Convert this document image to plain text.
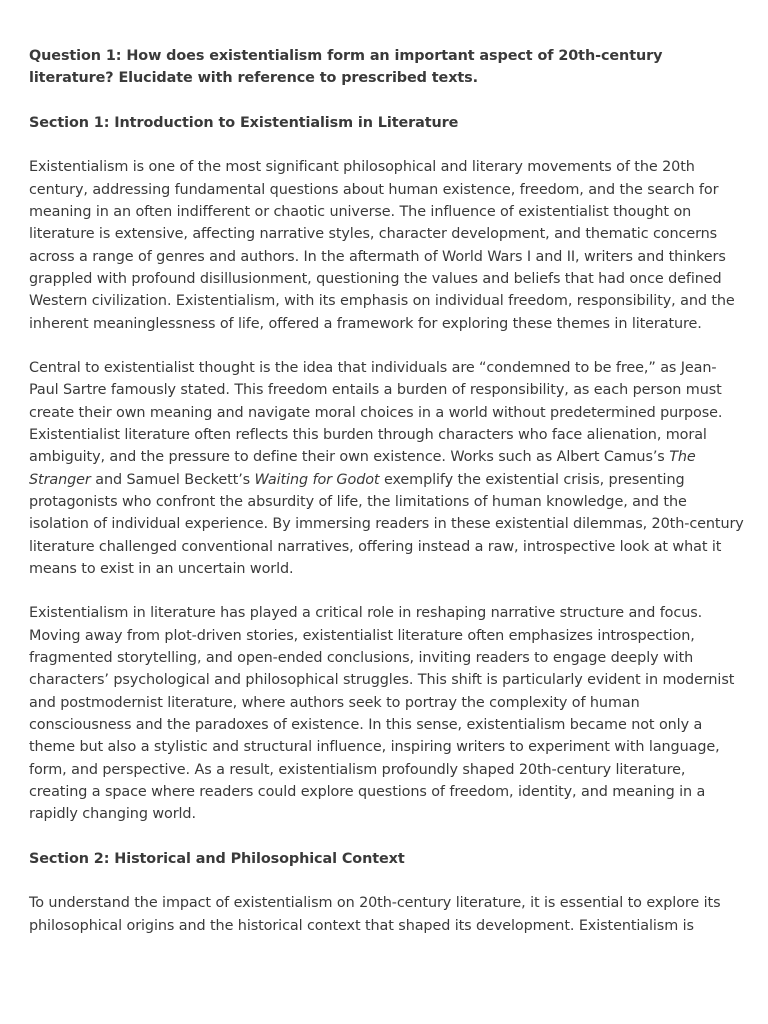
Question 1: How does existentialism form an important aspect of 20th-century literature? Elucidate with reference to prescribed texts.

Section 1: Introduction to Existentialism in Literature

Existentialism is one of the most significant philosophical and literary movements of the 20th century, addressing fundamental questions about human existence, freedom, and the search for meaning in an often indifferent or chaotic universe. The influence of existentialist thought on literature is extensive, affecting narrative styles, character development, and thematic concerns across a range of genres and authors. In the aftermath of World Wars I and II, writers and thinkers grappled with profound disillusionment, questioning the values and beliefs that had once defined Western civilization. Existentialism, with its emphasis on individual freedom, responsibility, and the inherent meaninglessness of life, offered a framework for exploring these themes in literature.

Central to existentialist thought is the idea that individuals are “condemned to be free,” as Jean-Paul Sartre famously stated. This freedom entails a burden of responsibility, as each person must create their own meaning and navigate moral choices in a world without predetermined purpose. Existentialist literature often reflects this burden through characters who face alienation, moral ambiguity, and the pressure to define their own existence. Works such as Albert Camus’s The Stranger and Samuel Beckett’s Waiting for Godot exemplify the existential crisis, presenting protagonists who confront the absurdity of life, the limitations of human knowledge, and the isolation of individual experience. By immersing readers in these existential dilemmas, 20th-century literature challenged conventional narratives, offering instead a raw, introspective look at what it means to exist in an uncertain world.

Existentialism in literature has played a critical role in reshaping narrative structure and focus. Moving away from plot-driven stories, existentialist literature often emphasizes introspection, fragmented storytelling, and open-ended conclusions, inviting readers to engage deeply with characters’ psychological and philosophical struggles. This shift is particularly evident in modernist and postmodernist literature, where authors seek to portray the complexity of human consciousness and the paradoxes of existence. In this sense, existentialism became not only a theme but also a stylistic and structural influence, inspiring writers to experiment with language, form, and perspective. As a result, existentialism profoundly shaped 20th-century literature, creating a space where readers could explore questions of freedom, identity, and meaning in a rapidly changing world.

Section 2: Historical and Philosophical Context

To understand the impact of existentialism on 20th-century literature, it is essential to explore its philosophical origins and the historical context that shaped its development. Existentialism is
